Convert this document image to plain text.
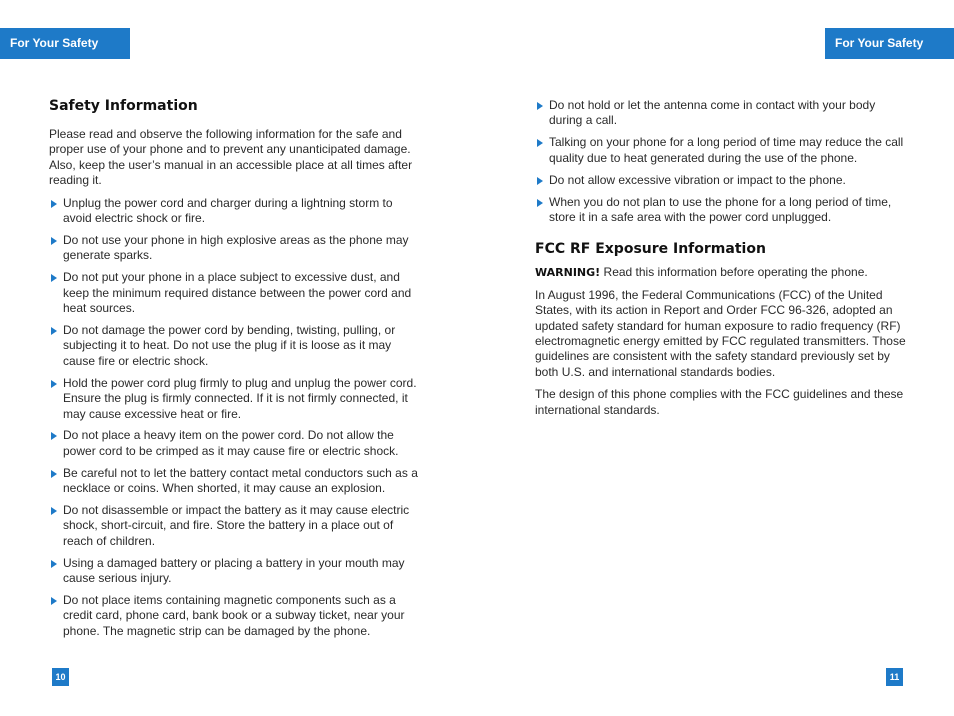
For Your Safety	For Your Safety
Safety Information

Please read and observe the following information for the safe and proper use of your phone and to prevent any unanticipated damage. Also, keep the user’s manual in an accessible place at all times after reading it.

Unplug the power cord and charger during a lightning storm to avoid electric shock or fire.
Do not use your phone in high explosive areas as the phone may generate sparks.
Do not put your phone in a place subject to excessive dust, and keep the minimum required distance between the power cord and heat sources.
Do not damage the power cord by bending, twisting, pulling, or subjecting it to heat. Do not use the plug if it is loose as it may cause fire or electric shock.
Hold the power cord plug firmly to plug and unplug the power cord. Ensure the plug is firmly connected. If it is not firmly connected, it may cause excessive heat or fire.
Do not place a heavy item on the power cord. Do not allow the power cord to be crimped as it may cause fire or electric shock.
Be careful not to let the battery contact metal conductors such as a necklace or coins. When shorted, it may cause an explosion.
Do not disassemble or impact the battery as it may cause electric shock, short-circuit, and fire. Store the battery in a place out of reach of children.
Using a damaged battery or placing a battery in your mouth may cause serious injury.
Do not place items containing magnetic components such as a credit card, phone card, bank book or a subway ticket, near your phone. The magnetic strip can be damaged by the phone.
Do not hold or let the antenna come in contact with your body during a call.
Talking on your phone for a long period of time may reduce the call quality due to heat generated during the use of the phone.
Do not allow excessive vibration or impact to the phone.
When you do not plan to use the phone for a long period of time, store it in a safe area with the power cord unplugged.
FCC RF Exposure Information

WARNING! Read this information before operating the phone.

In August 1996, the Federal Communications (FCC) of the United States, with its action in Report and Order FCC 96-326, adopted an updated safety standard for human exposure to radio frequency (RF) electromagnetic energy emitted by FCC regulated transmitters. Those guidelines are consistent with the safety standard previously set by both U.S. and international standards bodies.

The design of this phone complies with the FCC guidelines and these international standards.

10	11
